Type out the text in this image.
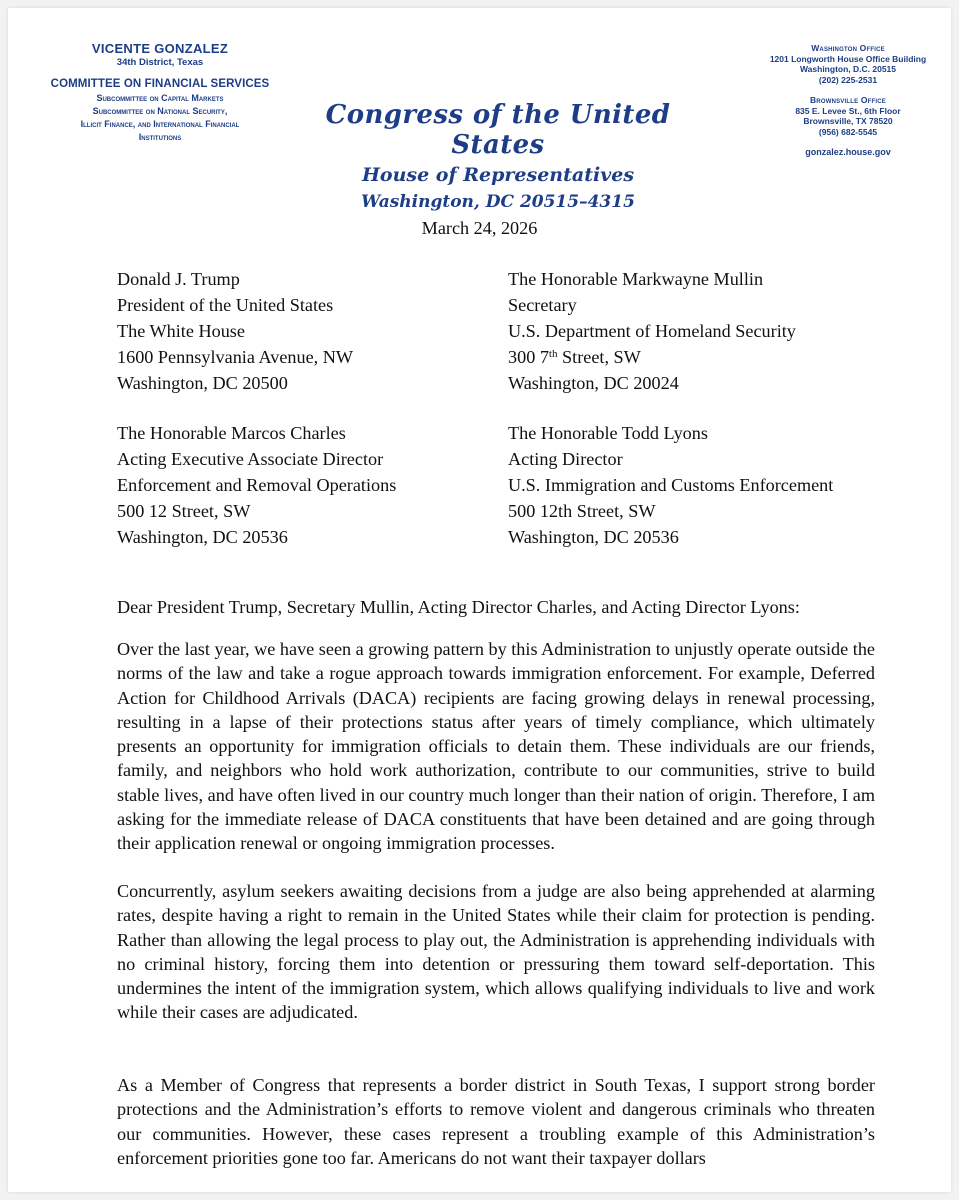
VICENTE GONZALEZ
34th District, Texas
COMMITTEE ON FINANCIAL SERVICES
Subcommittee on Capital Markets
Subcommittee on National Security,
Illicit Finance, and International Financial
Institutions
Congress of the United States
House of Representatives
Washington, DC 20515–4315
Washington Office
1201 Longworth House Office Building
Washington, D.C. 20515
(202) 225-2531
Brownsville Office
835 E. Levee St., 6th Floor
Brownsville, TX 78520
(956) 682-5545
gonzalez.house.gov
March 24, 2026
Donald J. Trump
President of the United States
The White House
1600 Pennsylvania Avenue, NW
Washington, DC 20500
The Honorable Markwayne Mullin
Secretary
U.S. Department of Homeland Security
300 7th Street, SW
Washington, DC 20024
The Honorable Marcos Charles
Acting Executive Associate Director
Enforcement and Removal Operations
500 12 Street, SW
Washington, DC 20536
The Honorable Todd Lyons
Acting Director
U.S. Immigration and Customs Enforcement
500 12th Street, SW
Washington, DC 20536
Dear President Trump, Secretary Mullin, Acting Director Charles, and Acting Director Lyons:

Over the last year, we have seen a growing pattern by this Administration to unjustly operate outside the norms of the law and take a rogue approach towards immigration enforcement. For example, Deferred Action for Childhood Arrivals (DACA) recipients are facing growing delays in renewal processing, resulting in a lapse of their protections status after years of timely compliance, which ultimately presents an opportunity for immigration officials to detain them. These individuals are our friends, family, and neighbors who hold work authorization, contribute to our communities, strive to build stable lives, and have often lived in our country much longer than their nation of origin. Therefore, I am asking for the immediate release of DACA constituents that have been detained and are going through their application renewal or ongoing immigration processes.

Concurrently, asylum seekers awaiting decisions from a judge are also being apprehended at alarming rates, despite having a right to remain in the United States while their claim for protection is pending. Rather than allowing the legal process to play out, the Administration is apprehending individuals with no criminal history, forcing them into detention or pressuring them toward self-deportation. This undermines the intent of the immigration system, which allows qualifying individuals to live and work while their cases are adjudicated.

As a Member of Congress that represents a border district in South Texas, I support strong border protections and the Administration’s efforts to remove violent and dangerous criminals who threaten our communities. However, these cases represent a troubling example of this Administration’s enforcement priorities gone too far. Americans do not want their taxpayer dollars
